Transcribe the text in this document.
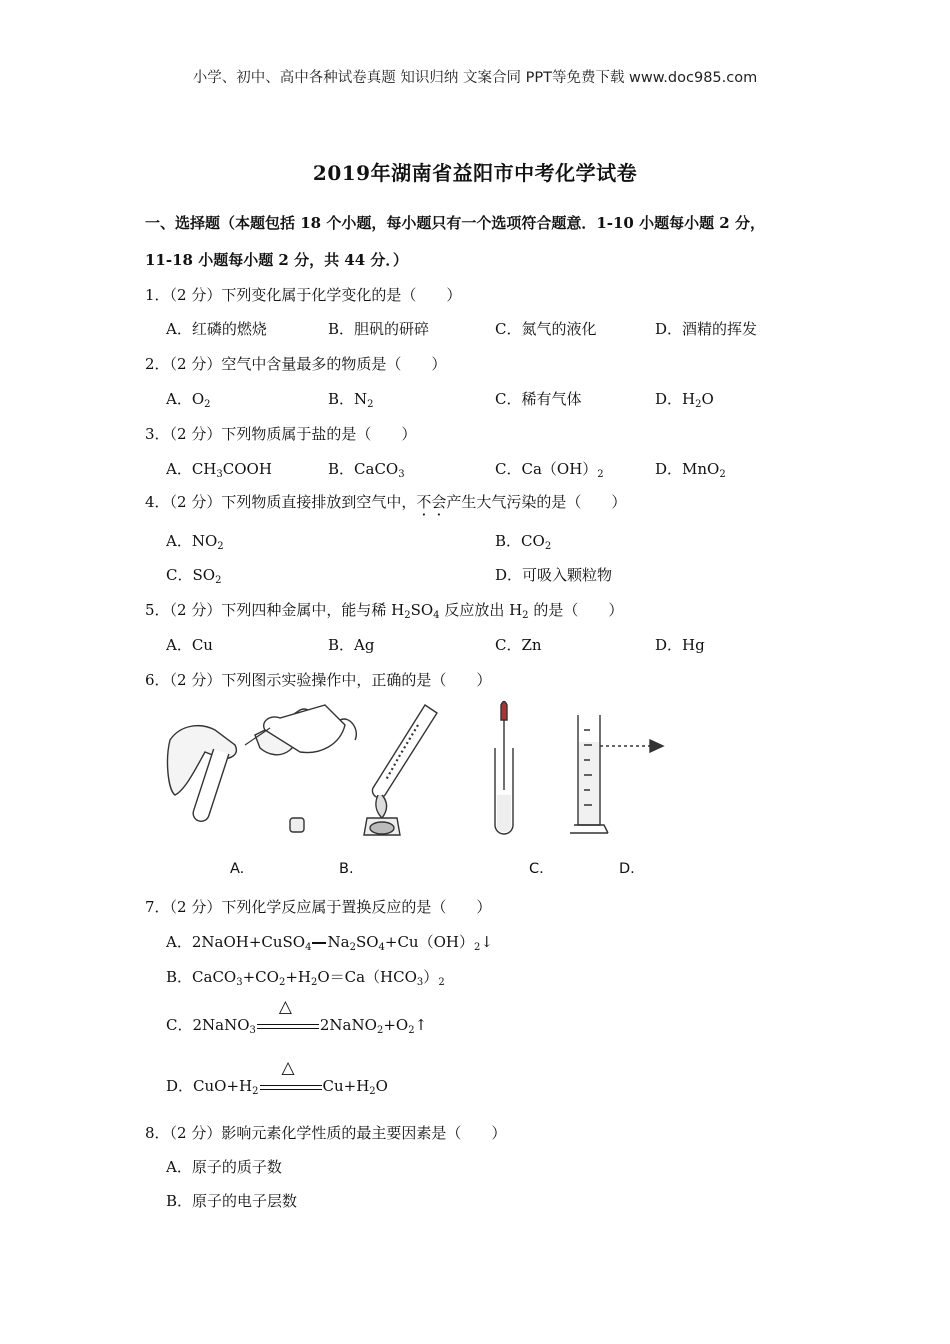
小学、初中、高中各种试卷真题 知识归纳 文案合同 PPT等免费下载 www.doc985.com
2019年湖南省益阳市中考化学试卷
一、选择题（本题包括 18 个小题，每小题只有一个选项符合题意．1-10 小题每小题 2 分，
11-18 小题每小题 2 分，共 44 分．）
1．（2 分）下列变化属于化学变化的是（　　）
A．红磷的燃烧	B．胆矾的研碎	C．氮气的液化	D．酒精的挥发
2．（2 分）空气中含量最多的物质是（　　）
A．$O_2$	B．$N_2$	C．稀有气体	D．$H_2O$
3．（2 分）下列物质属于盐的是（　　）
A．$CH_3COOH$	B．CaCO$_3$	C．$Ca(OH)_2$	D．MnO$_2$
4．（2 分）下列物质直接排放到空气中，不会产生大气污染的是（　　）
A．$NO_2$	B．$CO_2$
C．$SO_2$	D．可吸入颗粒物
5．（2 分）下列四种金属中，能与稀 $H_2SO_4$ 反应放出 $H_2$ 的是（　　）
A．Cu	B．Ag	C．Zn	D．Hg
6．（2 分）下列图示实验操作中，正确的是（　　）
A.	B.	C.	D.
7．（2 分）下列化学反应属于置换反应的是（　　）
A．2NaOH+CuSO$_4$ $Na_2SO_4+Cu(OH)_2↓$
B．$CaCO_3+CO_2+H_2O=Ca(HCO_3)_2$
C．2NaNO$_3$
△
$2NaNO_2+O_2↑$
D．$CuO+H_2$
△
$Cu+H_2O$
8．（2 分）影响元素化学性质的最主要因素是（　　）
A．原子的质子数
B．原子的电子层数
